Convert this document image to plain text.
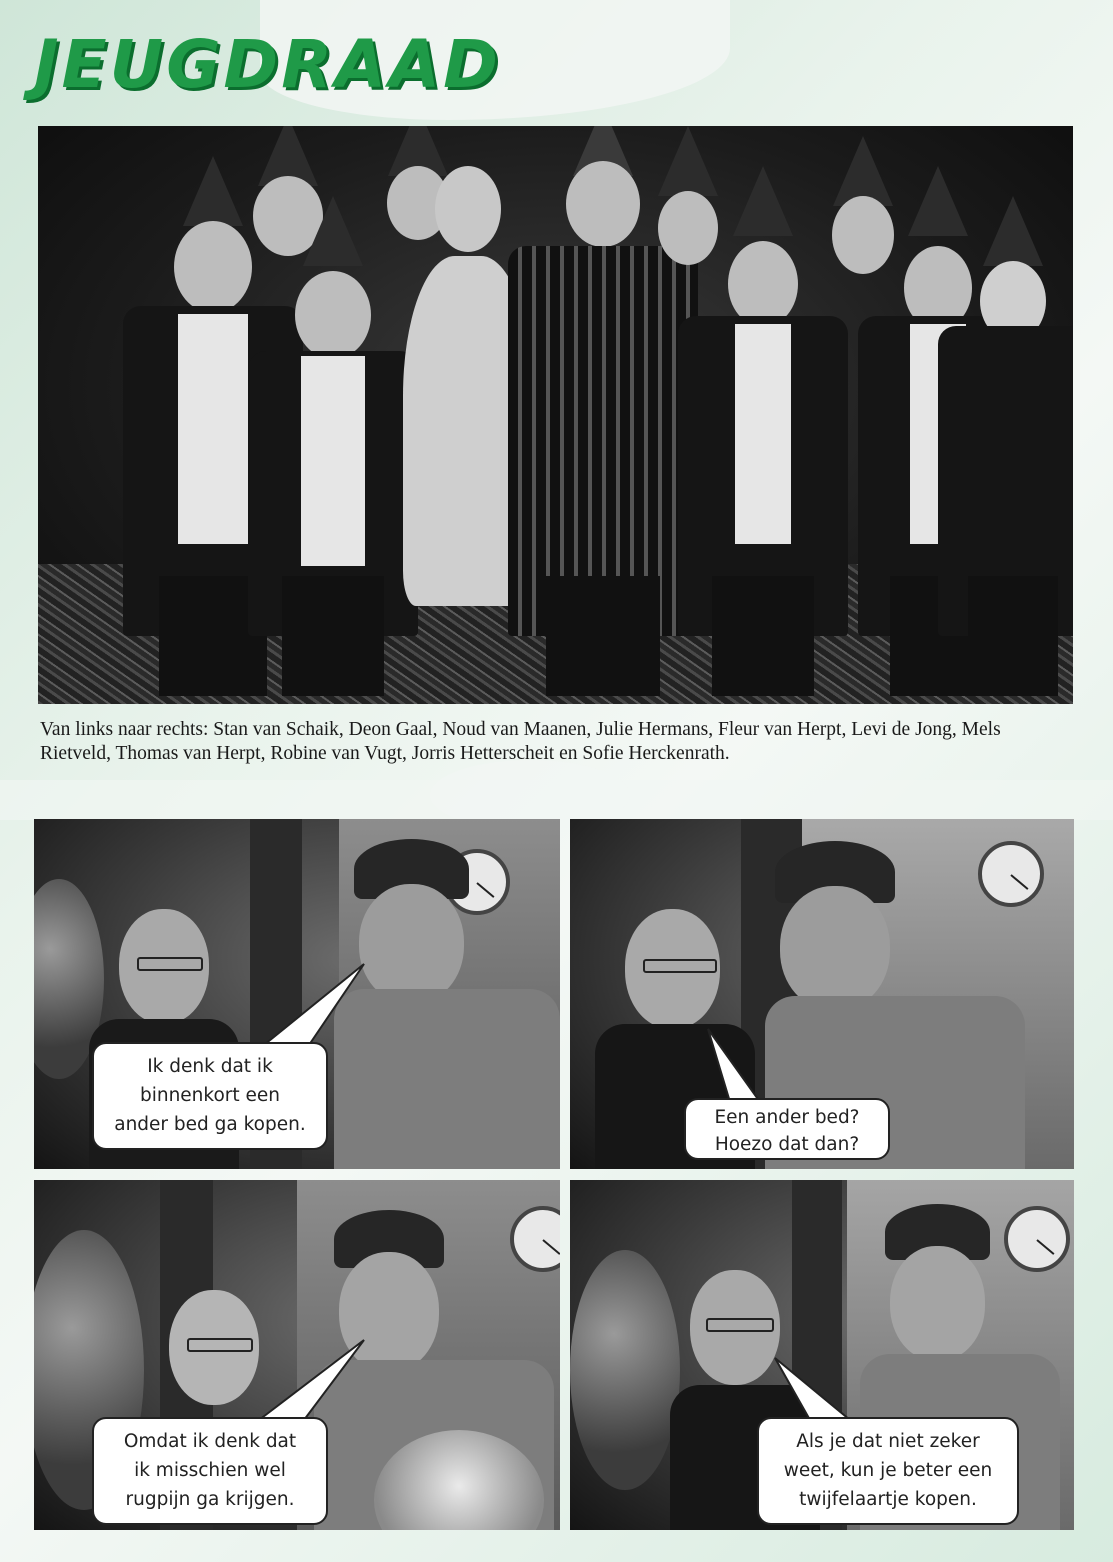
JEUGDRAAD

Van links naar rechts: Stan van Schaik, Deon Gaal, Noud van Maanen, Julie Hermans, Fleur van Herpt, Levi de Jong, Mels Rietveld, Thomas van Herpt, Robine van Vugt, Jorris Hetterscheit en Sofie Herckenrath.

Ik denk dat ik
binnenkort een
ander bed ga kopen.	Een ander bed?
Hoezo dat dan?
Omdat ik denk dat
ik misschien wel
rugpijn ga krijgen.
Als je dat niet zeker
weet, kun je beter een
twijfelaartje kopen.
